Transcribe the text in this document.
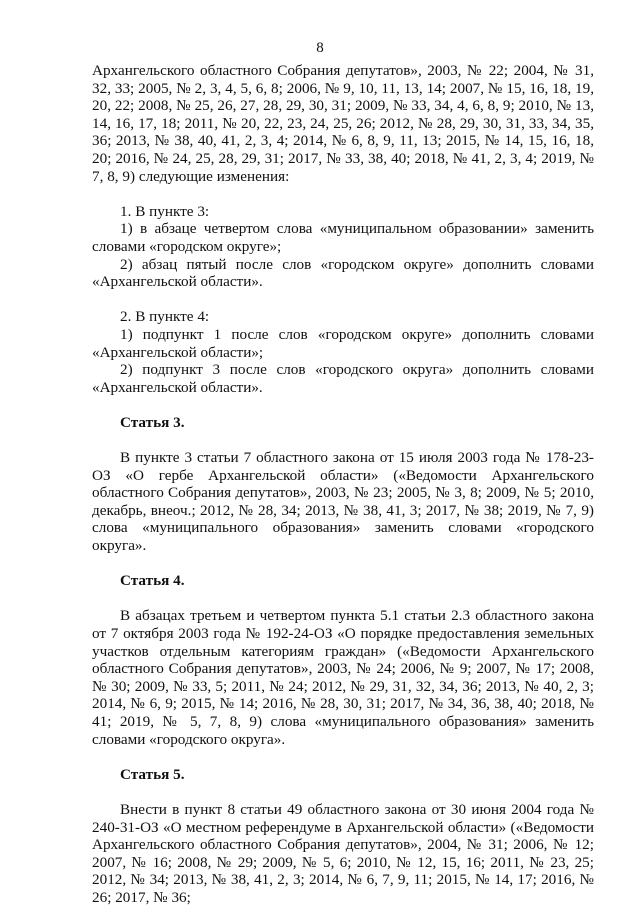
8

Архангельского областного Собрания депутатов», 2003, № 22; 2004, № 31, 32, 33; 2005, № 2, 3, 4, 5, 6, 8; 2006, № 9, 10, 11, 13, 14; 2007, № 15, 16, 18, 19, 20, 22; 2008, № 25, 26, 27, 28, 29, 30, 31; 2009, № 33, 34, 4, 6, 8, 9; 2010, № 13, 14, 16, 17, 18; 2011, № 20, 22, 23, 24, 25, 26; 2012, № 28, 29, 30, 31, 33, 34, 35, 36; 2013, № 38, 40, 41, 2, 3, 4; 2014, № 6, 8, 9, 11, 13; 2015, № 14, 15, 16, 18, 20; 2016, № 24, 25, 28, 29, 31; 2017, № 33, 38, 40; 2018, № 41, 2, 3, 4; 2019, № 7, 8, 9) следующие изменения:

1. В пункте 3:

1) в абзаце четвертом слова «муниципальном образовании» заменить словами «городском округе»;

2) абзац пятый после слов «городском округе» дополнить словами «Архангельской области».

2. В пункте 4:

1) подпункт 1 после слов «городском округе» дополнить словами «Архангельской области»;

2) подпункт 3 после слов «городского округа» дополнить словами «Архангельской области».

Статья 3.

В пункте 3 статьи 7 областного закона от 15 июля 2003 года № 178-23-ОЗ «О гербе Архангельской области» («Ведомости Архангельского областного Собрания депутатов», 2003, № 23; 2005, № 3, 8; 2009, № 5; 2010, декабрь, внеоч.; 2012, № 28, 34; 2013, № 38, 41, 3; 2017, № 38; 2019, № 7, 9) слова «муниципального образования» заменить словами «городского округа».

Статья 4.

В абзацах третьем и четвертом пункта 5.1 статьи 2.3 областного закона от 7 октября 2003 года № 192-24-ОЗ «О порядке предоставления земельных участков отдельным категориям граждан» («Ведомости Архангельского областного Собрания депутатов», 2003, № 24; 2006, № 9; 2007, № 17; 2008, № 30; 2009, № 33, 5; 2011, № 24; 2012, № 29, 31, 32, 34, 36; 2013, № 40, 2, 3; 2014, № 6, 9; 2015, № 14; 2016, № 28, 30, 31; 2017, № 34, 36, 38, 40; 2018, № 41; 2019, № 5, 7, 8, 9) слова «муниципального образования» заменить словами «городского округа».

Статья 5.

Внести в пункт 8 статьи 49 областного закона от 30 июня 2004 года № 240-31-ОЗ «О местном референдуме в Архангельской области» («Ведомости Архангельского областного Собрания депутатов», 2004, № 31; 2006, № 12; 2007, № 16; 2008, № 29; 2009, № 5, 6; 2010, № 12, 15, 16; 2011, № 23, 25; 2012, № 34; 2013, № 38, 41, 2, 3; 2014, № 6, 7, 9, 11; 2015, № 14, 17; 2016, № 26; 2017, № 36;
